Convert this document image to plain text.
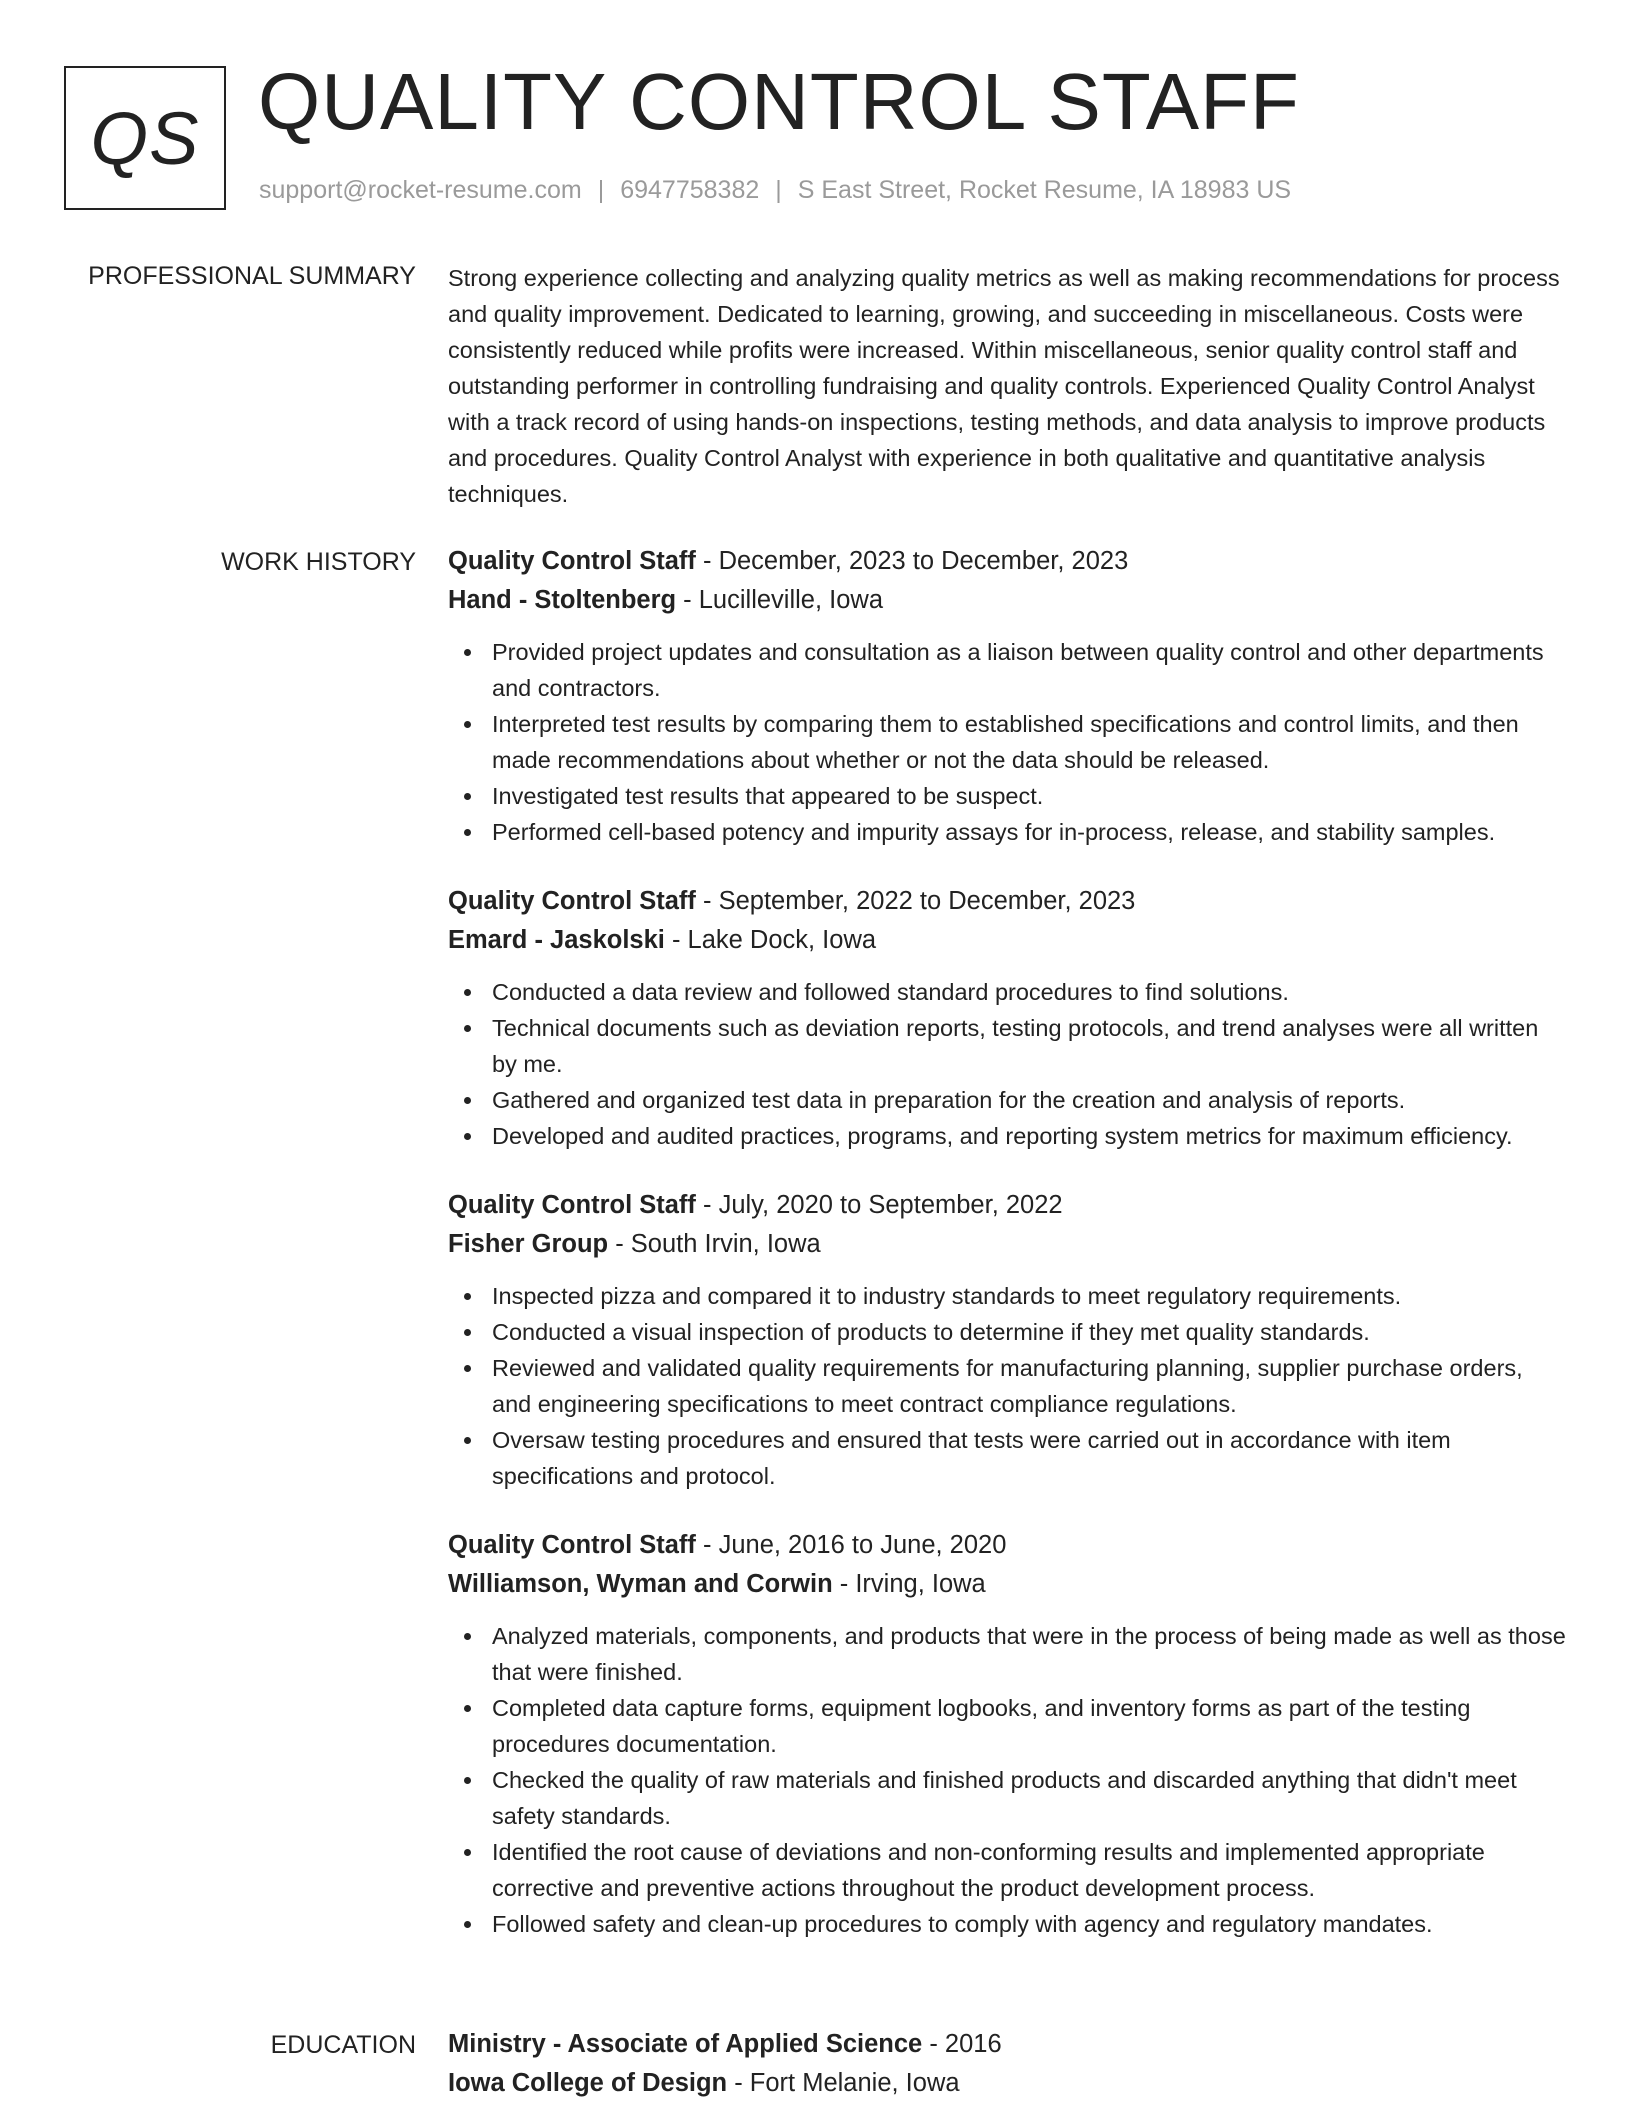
QS QUALITY CONTROL STAFF
support@rocket-resume.com | 6947758382 | S East Street, Rocket Resume, IA 18983 US
PROFESSIONAL SUMMARY Strong experience collecting and analyzing quality metrics as well as making recommendations for process and quality improvement. Dedicated to learning, growing, and succeeding in miscellaneous. Costs were consistently reduced while profits were increased. Within miscellaneous, senior quality control staff and outstanding performer in controlling fundraising and quality controls. Experienced Quality Control Analyst with a track record of using hands-on inspections, testing methods, and data analysis to improve products and procedures. Quality Control Analyst with experience in both qualitative and quantitative analysis techniques.
WORK HISTORY Quality Control Staff - December, 2023 to December, 2023
Hand - Stoltenberg - Lucilleville, Iowa
Provided project updates and consultation as a liaison between quality control and other departments and contractors.
Interpreted test results by comparing them to established specifications and control limits, and then made recommendations about whether or not the data should be released.
Investigated test results that appeared to be suspect.
Performed cell-based potency and impurity assays for in-process, release, and stability samples.
Quality Control Staff - September, 2022 to December, 2023
Emard - Jaskolski - Lake Dock, Iowa
Conducted a data review and followed standard procedures to find solutions.
Technical documents such as deviation reports, testing protocols, and trend analyses were all written by me.
Gathered and organized test data in preparation for the creation and analysis of reports.
Developed and audited practices, programs, and reporting system metrics for maximum efficiency.
Quality Control Staff - July, 2020 to September, 2022
Fisher Group - South Irvin, Iowa
Inspected pizza and compared it to industry standards to meet regulatory requirements.
Conducted a visual inspection of products to determine if they met quality standards.
Reviewed and validated quality requirements for manufacturing planning, supplier purchase orders, and engineering specifications to meet contract compliance regulations.
Oversaw testing procedures and ensured that tests were carried out in accordance with item specifications and protocol.
Quality Control Staff - June, 2016 to June, 2020
Williamson, Wyman and Corwin - Irving, Iowa
Analyzed materials, components, and products that were in the process of being made as well as those that were finished.
Completed data capture forms, equipment logbooks, and inventory forms as part of the testing procedures documentation.
Checked the quality of raw materials and finished products and discarded anything that didn't meet safety standards.
Identified the root cause of deviations and non-conforming results and implemented appropriate corrective and preventive actions throughout the product development process.
Followed safety and clean-up procedures to comply with agency and regulatory mandates.
EDUCATION Ministry - Associate of Applied Science - 2016
Iowa College of Design - Fort Melanie, Iowa
